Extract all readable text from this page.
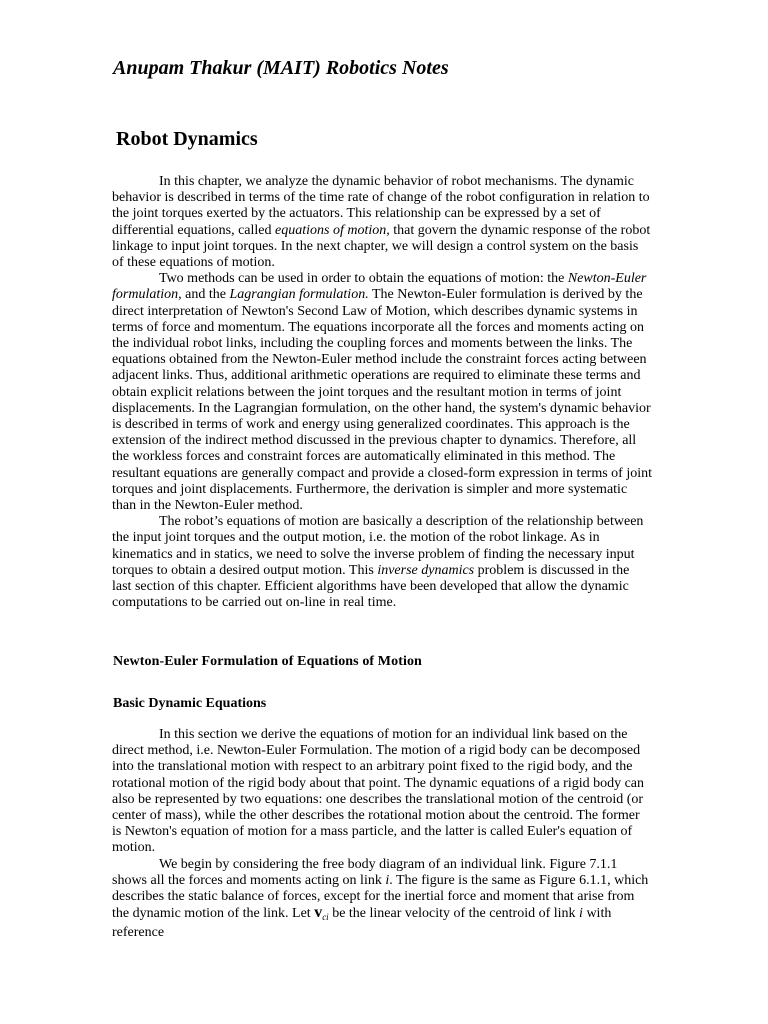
Anupam Thakur (MAIT) Robotics Notes
Robot Dynamics

In this chapter, we analyze the dynamic behavior of robot mechanisms. The dynamic behavior is described in terms of the time rate of change of the robot configuration in relation to the joint torques exerted by the actuators. This relationship can be expressed by a set of differential equations, called equations of motion, that govern the dynamic response of the robot linkage to input joint torques. In the next chapter, we will design a control system on the basis of these equations of motion.

Two methods can be used in order to obtain the equations of motion: the Newton-Euler formulation, and the Lagrangian formulation. The Newton-Euler formulation is derived by the direct interpretation of Newton's Second Law of Motion, which describes dynamic systems in terms of force and momentum. The equations incorporate all the forces and moments acting on the individual robot links, including the coupling forces and moments between the links. The equations obtained from the Newton-Euler method include the constraint forces acting between adjacent links. Thus, additional arithmetic operations are required to eliminate these terms and obtain explicit relations between the joint torques and the resultant motion in terms of joint displacements. In the Lagrangian formulation, on the other hand, the system's dynamic behavior is described in terms of work and energy using generalized coordinates. This approach is the extension of the indirect method discussed in the previous chapter to dynamics. Therefore, all the workless forces and constraint forces are automatically eliminated in this method. The resultant equations are generally compact and provide a closed-form expression in terms of joint torques and joint displacements. Furthermore, the derivation is simpler and more systematic than in the Newton-Euler method.

The robot’s equations of motion are basically a description of the relationship between the input joint torques and the output motion, i.e. the motion of the robot linkage. As in kinematics and in statics, we need to solve the inverse problem of finding the necessary input torques to obtain a desired output motion. This inverse dynamics problem is discussed in the last section of this chapter. Efficient algorithms have been developed that allow the dynamic computations to be carried out on-line in real time.

Newton-Euler Formulation of Equations of Motion
Basic Dynamic Equations

In this section we derive the equations of motion for an individual link based on the direct method, i.e. Newton-Euler Formulation. The motion of a rigid body can be decomposed into the translational motion with respect to an arbitrary point fixed to the rigid body, and the rotational motion of the rigid body about that point. The dynamic equations of a rigid body can also be represented by two equations: one describes the translational motion of the centroid (or center of mass), while the other describes the rotational motion about the centroid. The former is Newton's equation of motion for a mass particle, and the latter is called Euler's equation of motion.

We begin by considering the free body diagram of an individual link. Figure 7.1.1 shows all the forces and moments acting on link i. The figure is the same as Figure 6.1.1, which describes the static balance of forces, except for the inertial force and moment that arise from the dynamic motion of the link. Let $v_{ci}$ be the linear velocity of the centroid of link i with reference
